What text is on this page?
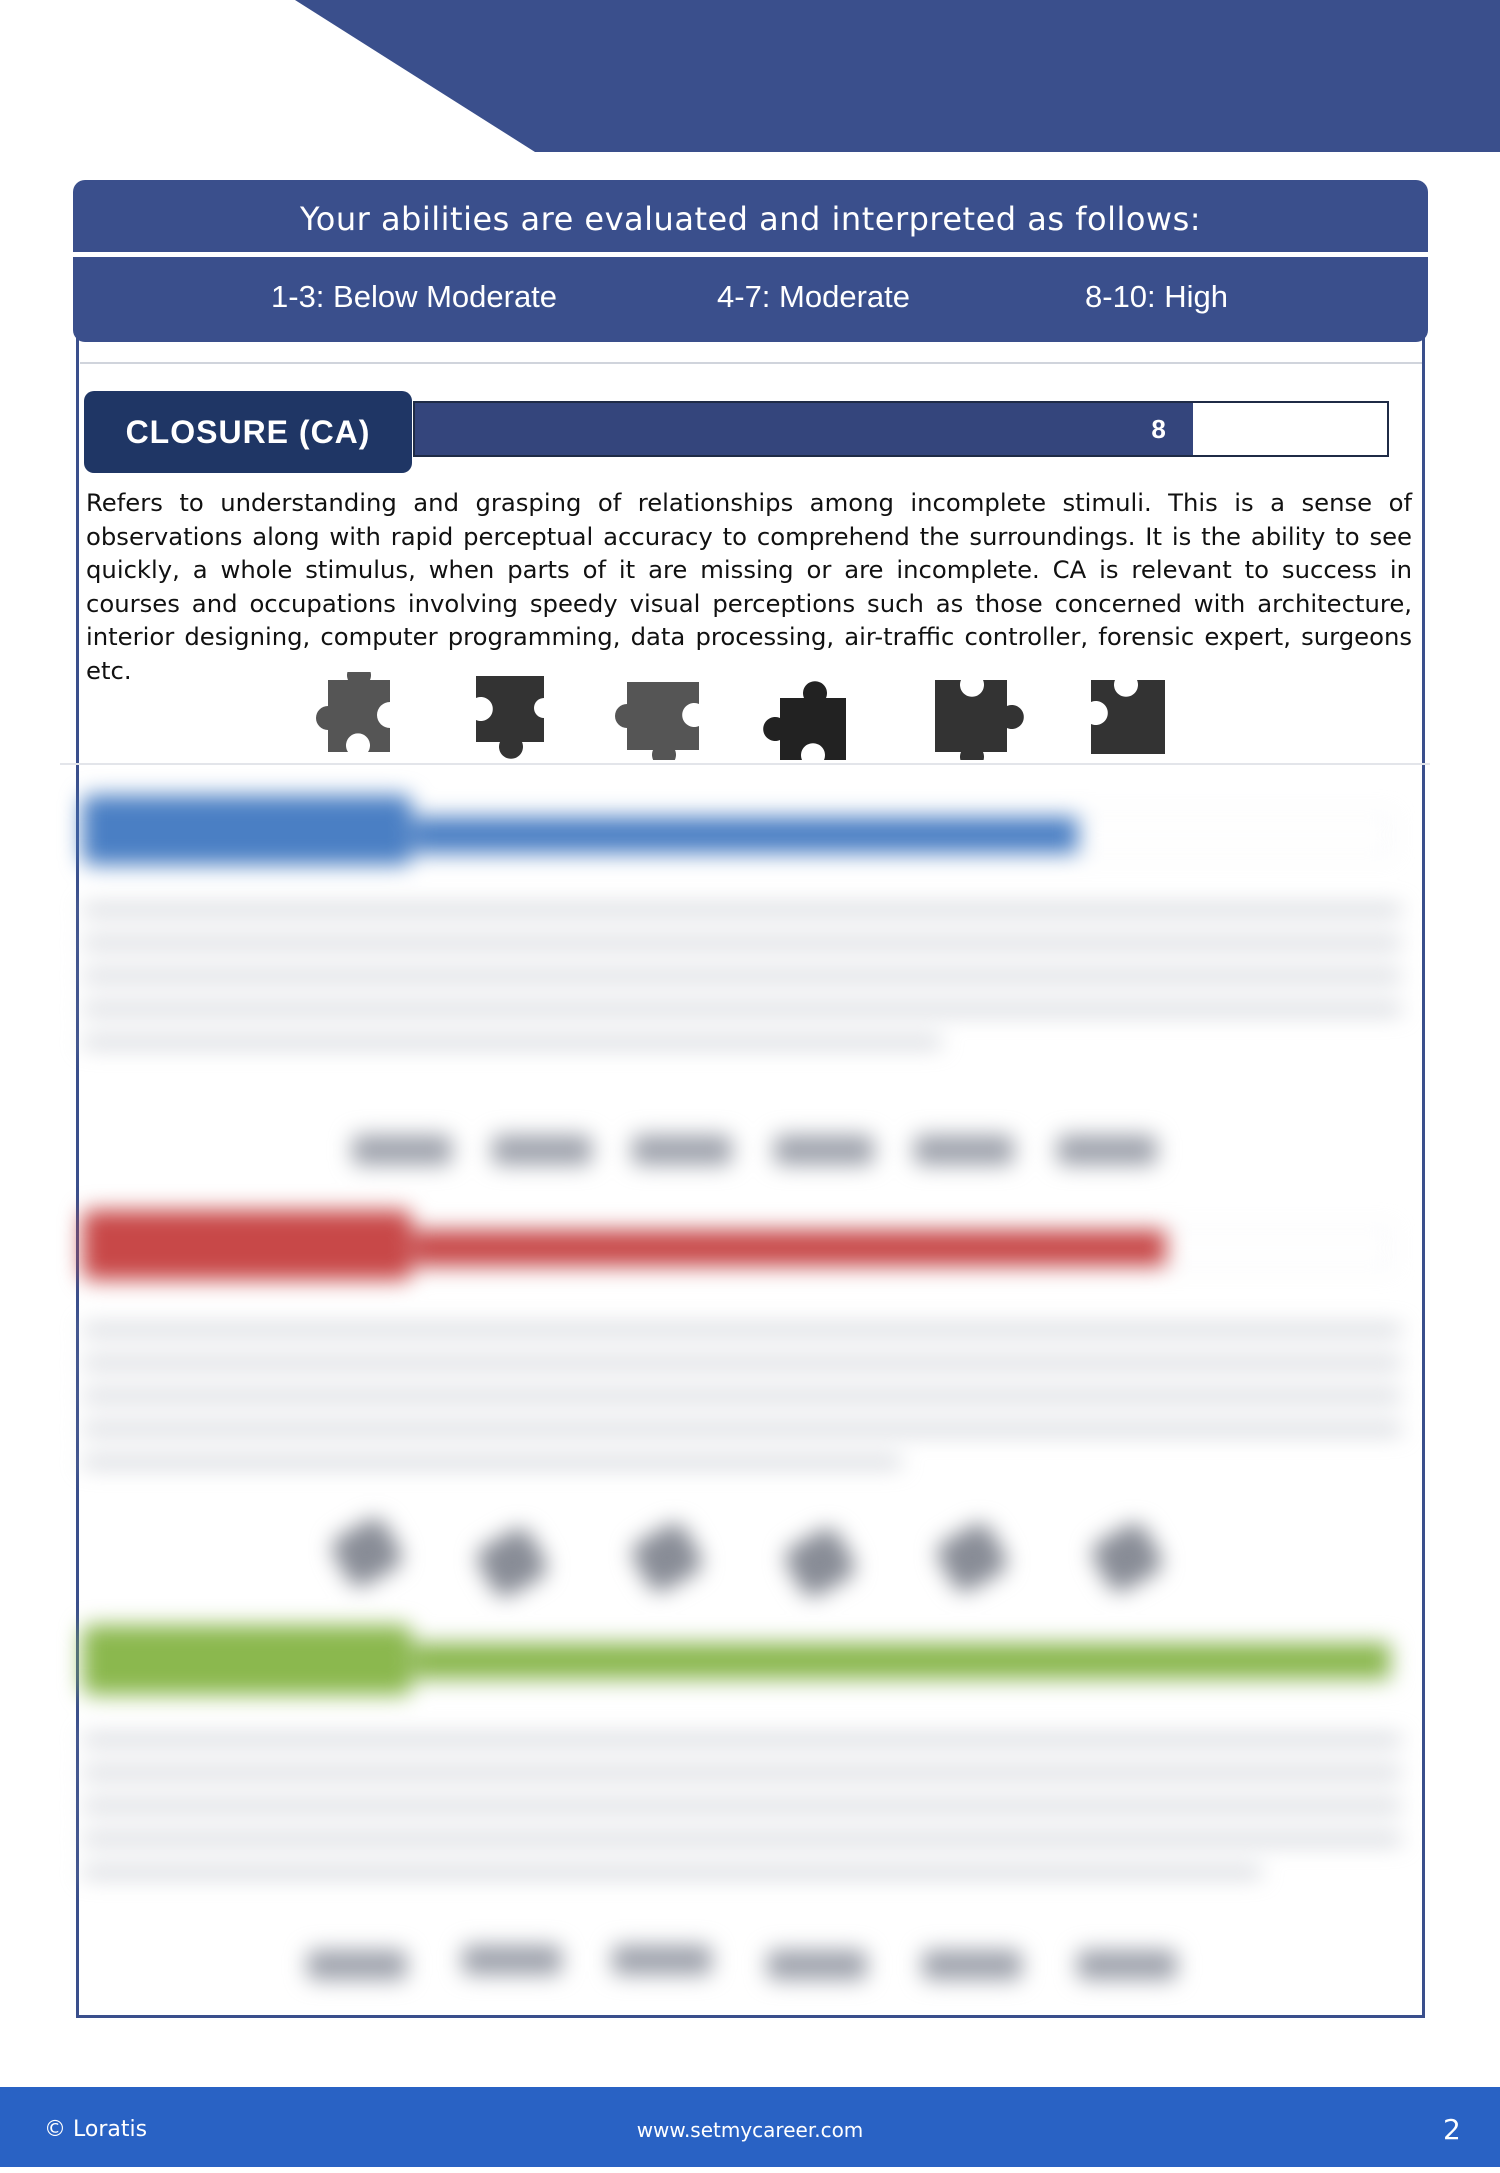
Your abilities are evaluated and interpreted as follows:
1-3: Below Moderate	4-7: Moderate	8-10: High
CLOSURE (CA)	8
Refers to understanding and grasping of relationships among incomplete stimuli. This is a sense of observations along with rapid perceptual accuracy to comprehend the surroundings. It is the ability to see quickly, a whole stimulus, when parts of it are missing or are incomplete. CA is relevant to success in courses and occupations involving speedy visual perceptions such as those concerned with architecture, interior designing, computer programming, data processing, air-traffic controller, forensic expert, surgeons etc.
© Loratis	www.setmycareer.com	2
